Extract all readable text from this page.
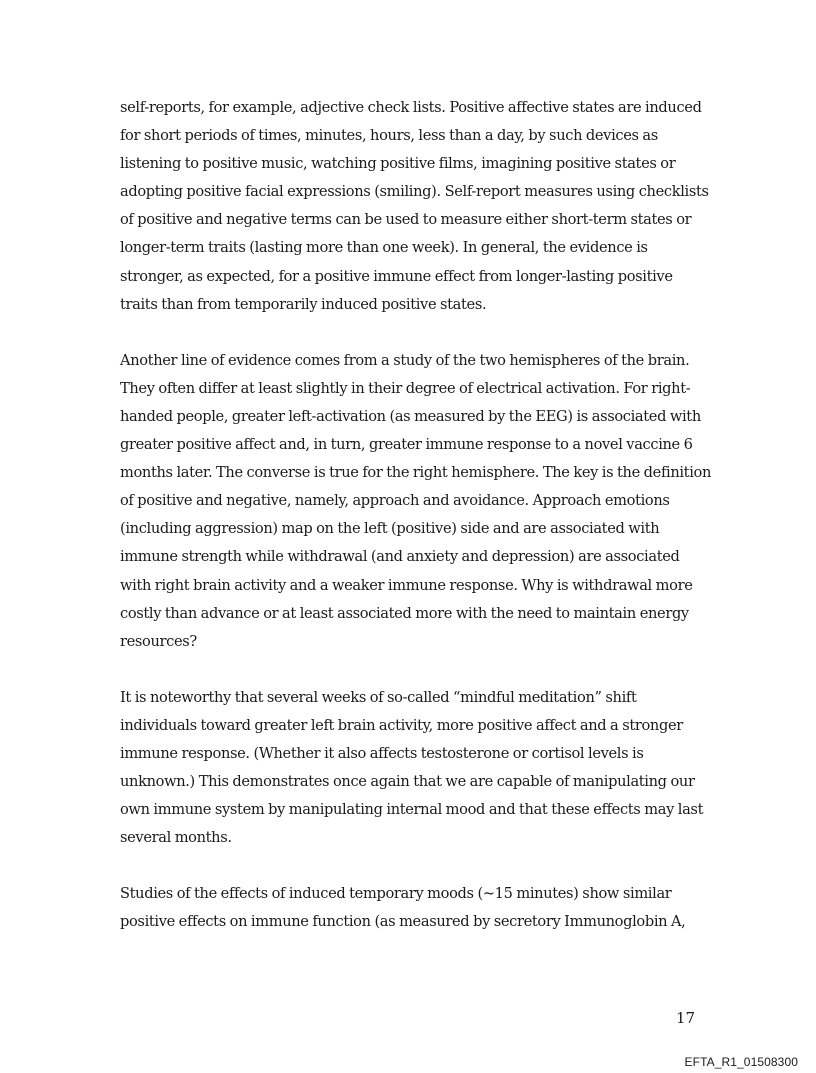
self-reports, for example, adjective check lists. Positive affective states are induced
for short periods of times, minutes, hours, less than a day, by such devices as
listening to positive music, watching positive films, imagining positive states or
adopting positive facial expressions (smiling). Self-report measures using checklists
of positive and negative terms can be used to measure either short-term states or
longer-term traits (lasting more than one week). In general, the evidence is
stronger, as expected, for a positive immune effect from longer-lasting positive
traits than from temporarily induced positive states.
Another line of evidence comes from a study of the two hemispheres of the brain.
They often differ at least slightly in their degree of electrical activation. For right-
handed people, greater left-activation (as measured by the EEG) is associated with
greater positive affect and, in turn, greater immune response to a novel vaccine 6
months later. The converse is true for the right hemisphere. The key is the definition
of positive and negative, namely, approach and avoidance. Approach emotions
(including aggression) map on the left (positive) side and are associated with
immune strength while withdrawal (and anxiety and depression) are associated
with right brain activity and a weaker immune response. Why is withdrawal more
costly than advance or at least associated more with the need to maintain energy
resources?
It is noteworthy that several weeks of so-called “mindful meditation” shift
individuals toward greater left brain activity, more positive affect and a stronger
immune response. (Whether it also affects testosterone or cortisol levels is
unknown.) This demonstrates once again that we are capable of manipulating our
own immune system by manipulating internal mood and that these effects may last
several months.
Studies of the effects of induced temporary moods (~15 minutes) show similar
positive effects on immune function (as measured by secretory Immunoglobin A,
17
EFTA_R1_01508300
